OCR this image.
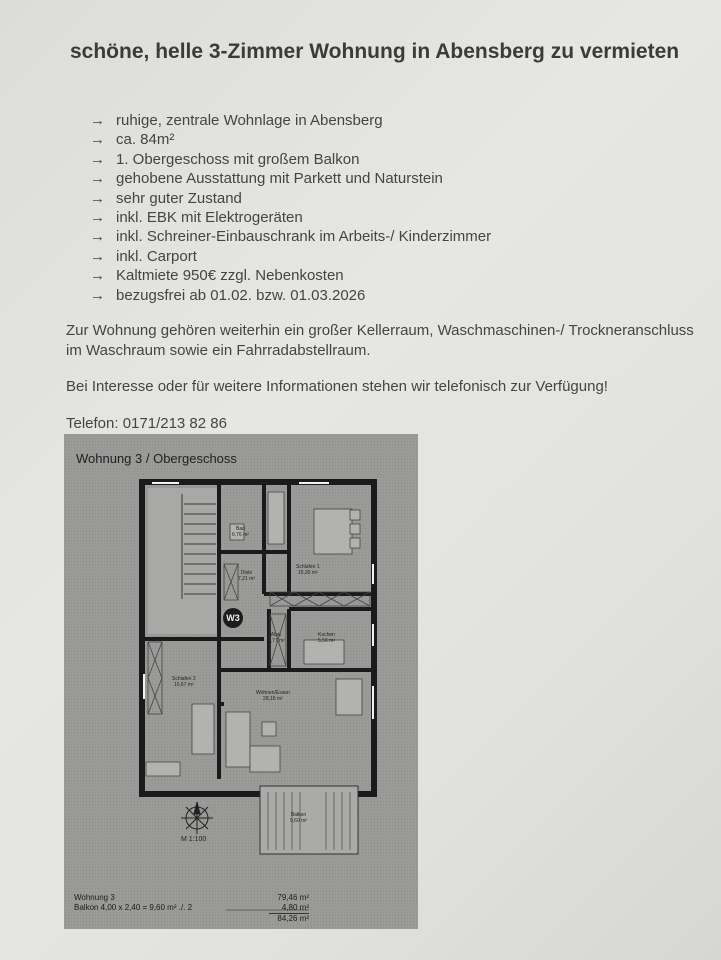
schöne, helle 3-Zimmer Wohnung in Abensberg zu vermieten
→ ruhige, zentrale Wohnlage in Abensberg
→ ca. 84m²
→ 1. Obergeschoss mit großem Balkon
→ gehobene Ausstattung mit Parkett und Naturstein
→ sehr guter Zustand
→ inkl. EBK mit Elektrogeräten
→ inkl. Schreiner-Einbauschrank im Arbeits-/ Kinderzimmer
→ inkl. Carport
→ Kaltmiete 950€ zzgl. Nebenkosten
→ bezugsfrei ab 01.02. bzw. 01.03.2026
Zur Wohnung gehören weiterhin ein großer Kellerraum, Waschmaschinen-/ Trockneranschluss im Waschraum sowie ein Fahrradabstellraum.
Bei Interesse oder für weitere Informationen stehen wir telefonisch zur Verfügung!
Telefon: 0171/213 82 86
Wohnung 3 / Obergeschoss
W3
Bad
6,76 m²
Diele
7,21 m²
Schlafen 1
15,30 m²
Abst.
1,77 m²
Kochen
5,56 m²
Schlafen 2
15,67 m²
Wohnen/Essen
28,16 m²
Balkon
9,60 m²
M 1:100
Wohnung 3
Balkon 4,00 x 2,40 = 9,60 m² ./. 2
79,46 m²
4,80 m²
84,26 m²
